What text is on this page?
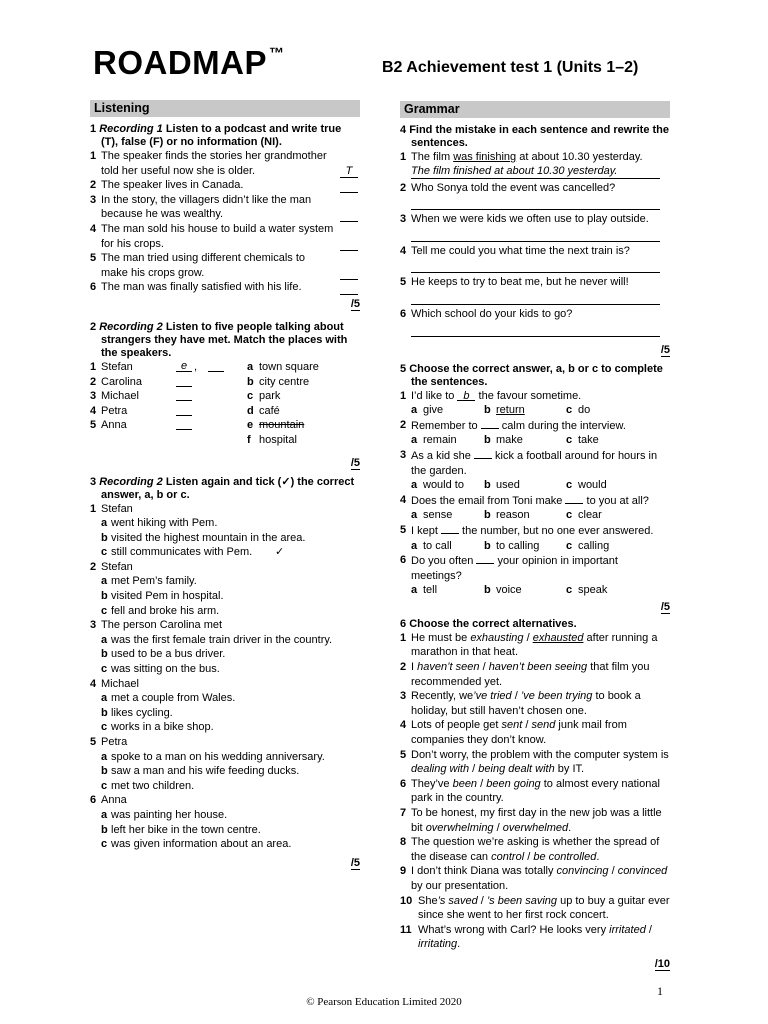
ROADMAP ™
B2 Achievement test 1 (Units 1–2)
Listening
1 Recording 1 Listen to a podcast and write true (T), false (F) or no information (NI).
1 The speaker finds the stories her grandmother told her useful now she is older.	T
2 The speaker lives in Canada.
3 In the story, the villagers didn’t like the man because he was wealthy.
4 The man sold his house to build a water system for his crops.
5 The man tried using different chemicals to make his crops grow.
6 The man was finally satisfied with his life.
/5
2 Recording 2 Listen to five people talking about strangers they have met. Match the places with the speakers.
1 Stefan	e ,	a town square
2 Carolina	b city centre
3 Michael	c park
4 Petra	d café
5 Anna	e mountain
f hospital
/5
3 Recording 2 Listen again and tick (✓) the correct answer, a, b or c.
1 Stefan
a went hiking with Pem.
b visited the highest mountain in the area.
c still communicates with Pem. ✓
2 Stefan
a met Pem’s family.
b visited Pem in hospital.
c fell and broke his arm.
3 The person Carolina met
a was the first female train driver in the country.
b used to be a bus driver.
c was sitting on the bus.
4 Michael
a met a couple from Wales.
b likes cycling.
c works in a bike shop.
5 Petra
a spoke to a man on his wedding anniversary.
b saw a man and his wife feeding ducks.
c met two children.
6 Anna
a was painting her house.
b left her bike in the town centre.
c was given information about an area.
/5
Grammar
4 Find the mistake in each sentence and rewrite the sentences.
1 The film was finishing at about 10.30 yesterday.
The film finished at about 10.30 yesterday.
2 Who Sonya told the event was cancelled?
3 When we were kids we often use to play outside.
4 Tell me could you what time the next train is?
5 He keeps to try to beat me, but he never will!
6 Which school do your kids to go?
/5
5 Choose the correct answer, a, b or c to complete the sentences.
1 I’d like to b the favour sometime.
a give	b return	c do
2 Remember to  calm during the interview.
a remain b make	c take
3 As a kid she  kick a football around for hours in the garden.
a would to b used	c would
4 Does the email from Toni make  to you at all?
a sense	b reason	c clear
5 I kept  the number, but no one ever answered.
a to call	b to calling c calling
6 Do you often  your opinion in important meetings?
a tell	b voice	c speak
/5
6 Choose the correct alternatives.
1 He must be exhausting / exhausted after running a marathon in that heat.
2 I haven’t seen / haven’t been seeing that film you recommended yet.
3 Recently, we’ve tried / ’ve been trying to book a holiday, but still haven’t chosen one.
4 Lots of people get sent / send junk mail from companies they don’t know.
5 Don’t worry, the problem with the computer system is dealing with / being dealt with by IT.
6 They’ve been / been going to almost every national park in the country.
7 To be honest, my first day in the new job was a little bit overwhelming / overwhelmed.
8 The question we’re asking is whether the spread of the disease can control / be controlled.
9 I don’t think Diana was totally convincing / convinced by our presentation.
10 She’s saved / ’s been saving up to buy a guitar ever since she went to her first rock concert.
11 What’s wrong with Carl? He looks very irritated / irritating.
/10
1
© Pearson Education Limited 2020
